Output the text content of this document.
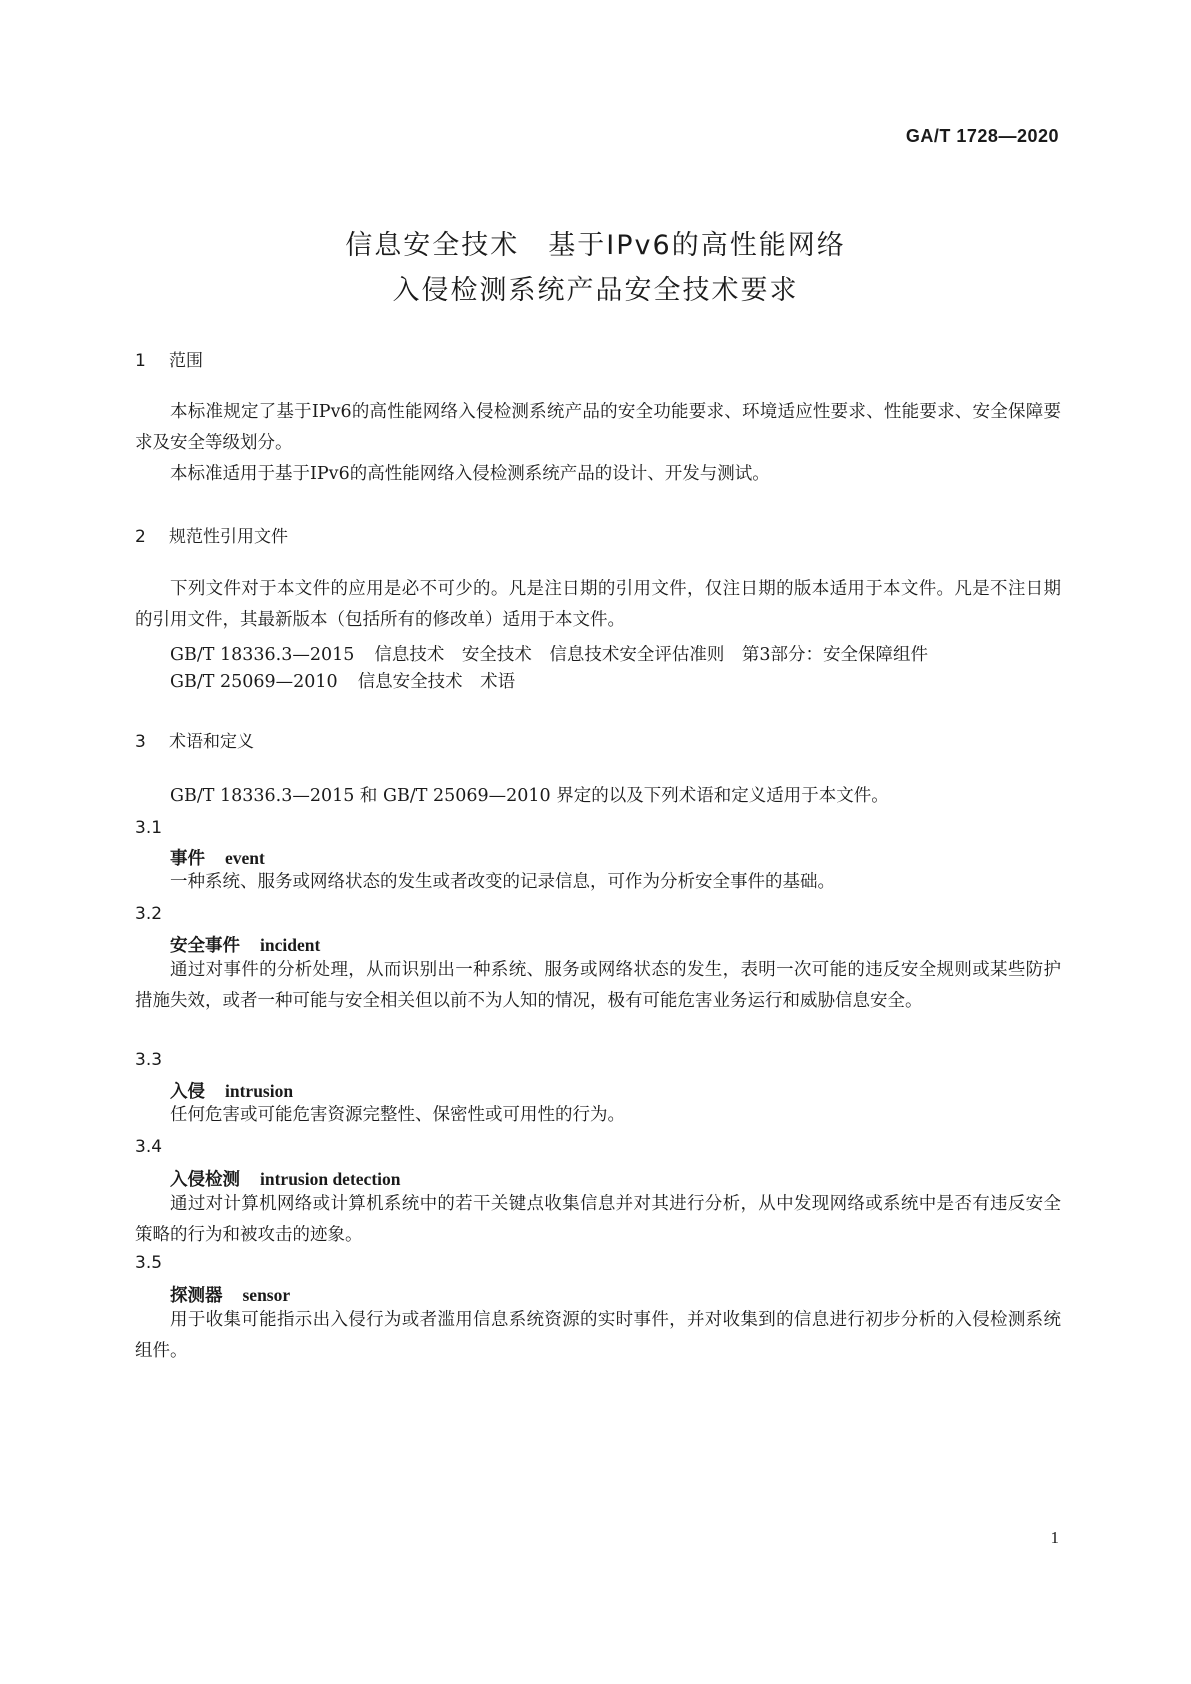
GA/T 1728—2020
信息安全技术　基于IPv6的高性能网络
入侵检测系统产品安全技术要求
1 范围
本标准规定了基于IPv6的高性能网络入侵检测系统产品的安全功能要求、环境适应性要求、性能要求、安全保障要求及安全等级划分。
本标准适用于基于IPv6的高性能网络入侵检测系统产品的设计、开发与测试。
2 规范性引用文件
下列文件对于本文件的应用是必不可少的。凡是注日期的引用文件，仅注日期的版本适用于本文件。凡是不注日期的引用文件，其最新版本（包括所有的修改单）适用于本文件。
GB/T 18336.3—2015 信息技术　安全技术　信息技术安全评估准则　第3部分：安全保障组件
GB/T 25069—2010 信息安全技术　术语
3 术语和定义
GB/T 18336.3—2015 和 GB/T 25069—2010 界定的以及下列术语和定义适用于本文件。
3.1
事件 event
一种系统、服务或网络状态的发生或者改变的记录信息，可作为分析安全事件的基础。
3.2
安全事件 incident
通过对事件的分析处理，从而识别出一种系统、服务或网络状态的发生，表明一次可能的违反安全规则或某些防护措施失效，或者一种可能与安全相关但以前不为人知的情况，极有可能危害业务运行和威胁信息安全。
3.3
入侵 intrusion
任何危害或可能危害资源完整性、保密性或可用性的行为。
3.4
入侵检测 intrusion detection
通过对计算机网络或计算机系统中的若干关键点收集信息并对其进行分析，从中发现网络或系统中是否有违反安全策略的行为和被攻击的迹象。
3.5
探测器 sensor
用于收集可能指示出入侵行为或者滥用信息系统资源的实时事件，并对收集到的信息进行初步分析的入侵检测系统组件。
1
